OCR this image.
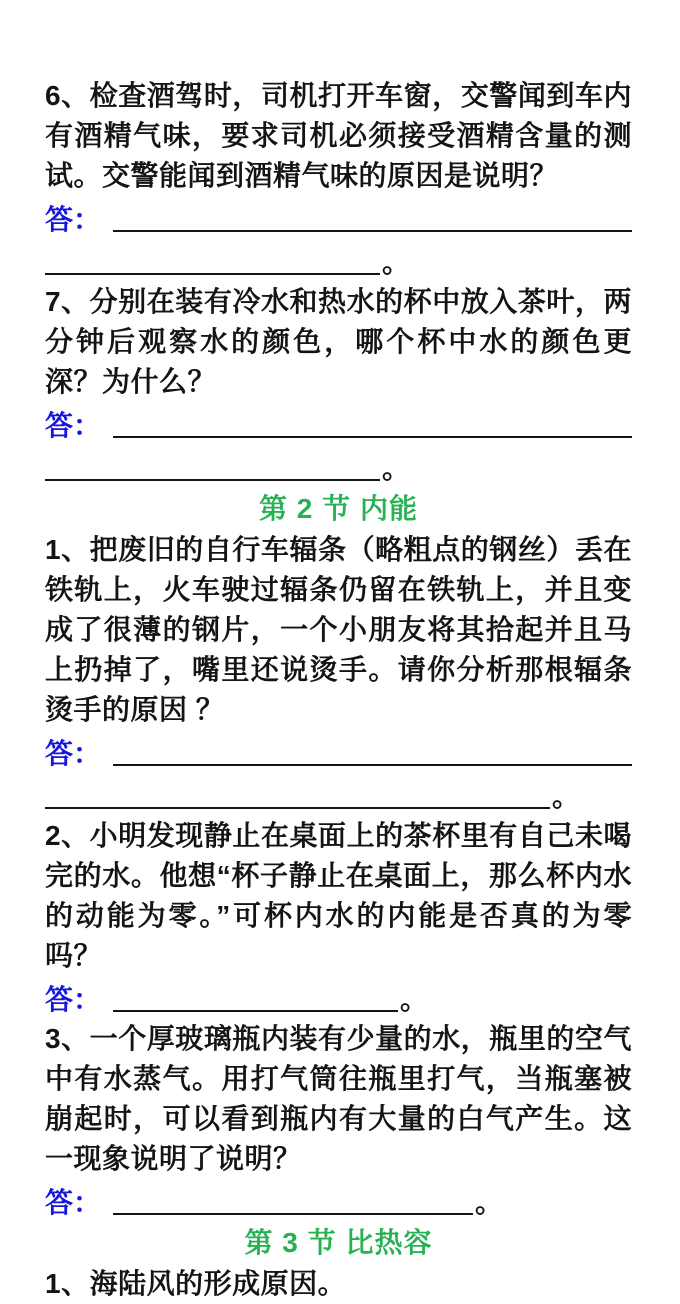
6、检查酒驾时，司机打开车窗，交警闻到车内有酒精气味，要求司机必须接受酒精含量的测试。交警能闻到酒精气味的原因是说明？

答：
。

7、分别在装有冷水和热水的杯中放入茶叶，两分钟后观察水的颜色，哪个杯中水的颜色更深？为什么？

答：
。
第 2 节 内能

1、把废旧的自行车辐条（略粗点的钢丝）丢在铁轨上，火车驶过辐条仍留在铁轨上，并且变成了很薄的钢片，一个小朋友将其拾起并且马上扔掉了，嘴里还说烫手。请你分析那根辐条烫手的原因 ？

答：
。

2、小明发现静止在桌面上的茶杯里有自己未喝完的水。他想“杯子静止在桌面上，那么杯内水的动能为零。”可杯内水的内能是否真的为零吗？

答：	。

3、一个厚玻璃瓶内装有少量的水，瓶里的空气中有水蒸气。用打气筒往瓶里打气，当瓶塞被崩起时，可以看到瓶内有大量的白气产生。这一现象说明了说明？

答：	。
第 3 节 比热容

1、海陆风的形成原因。
